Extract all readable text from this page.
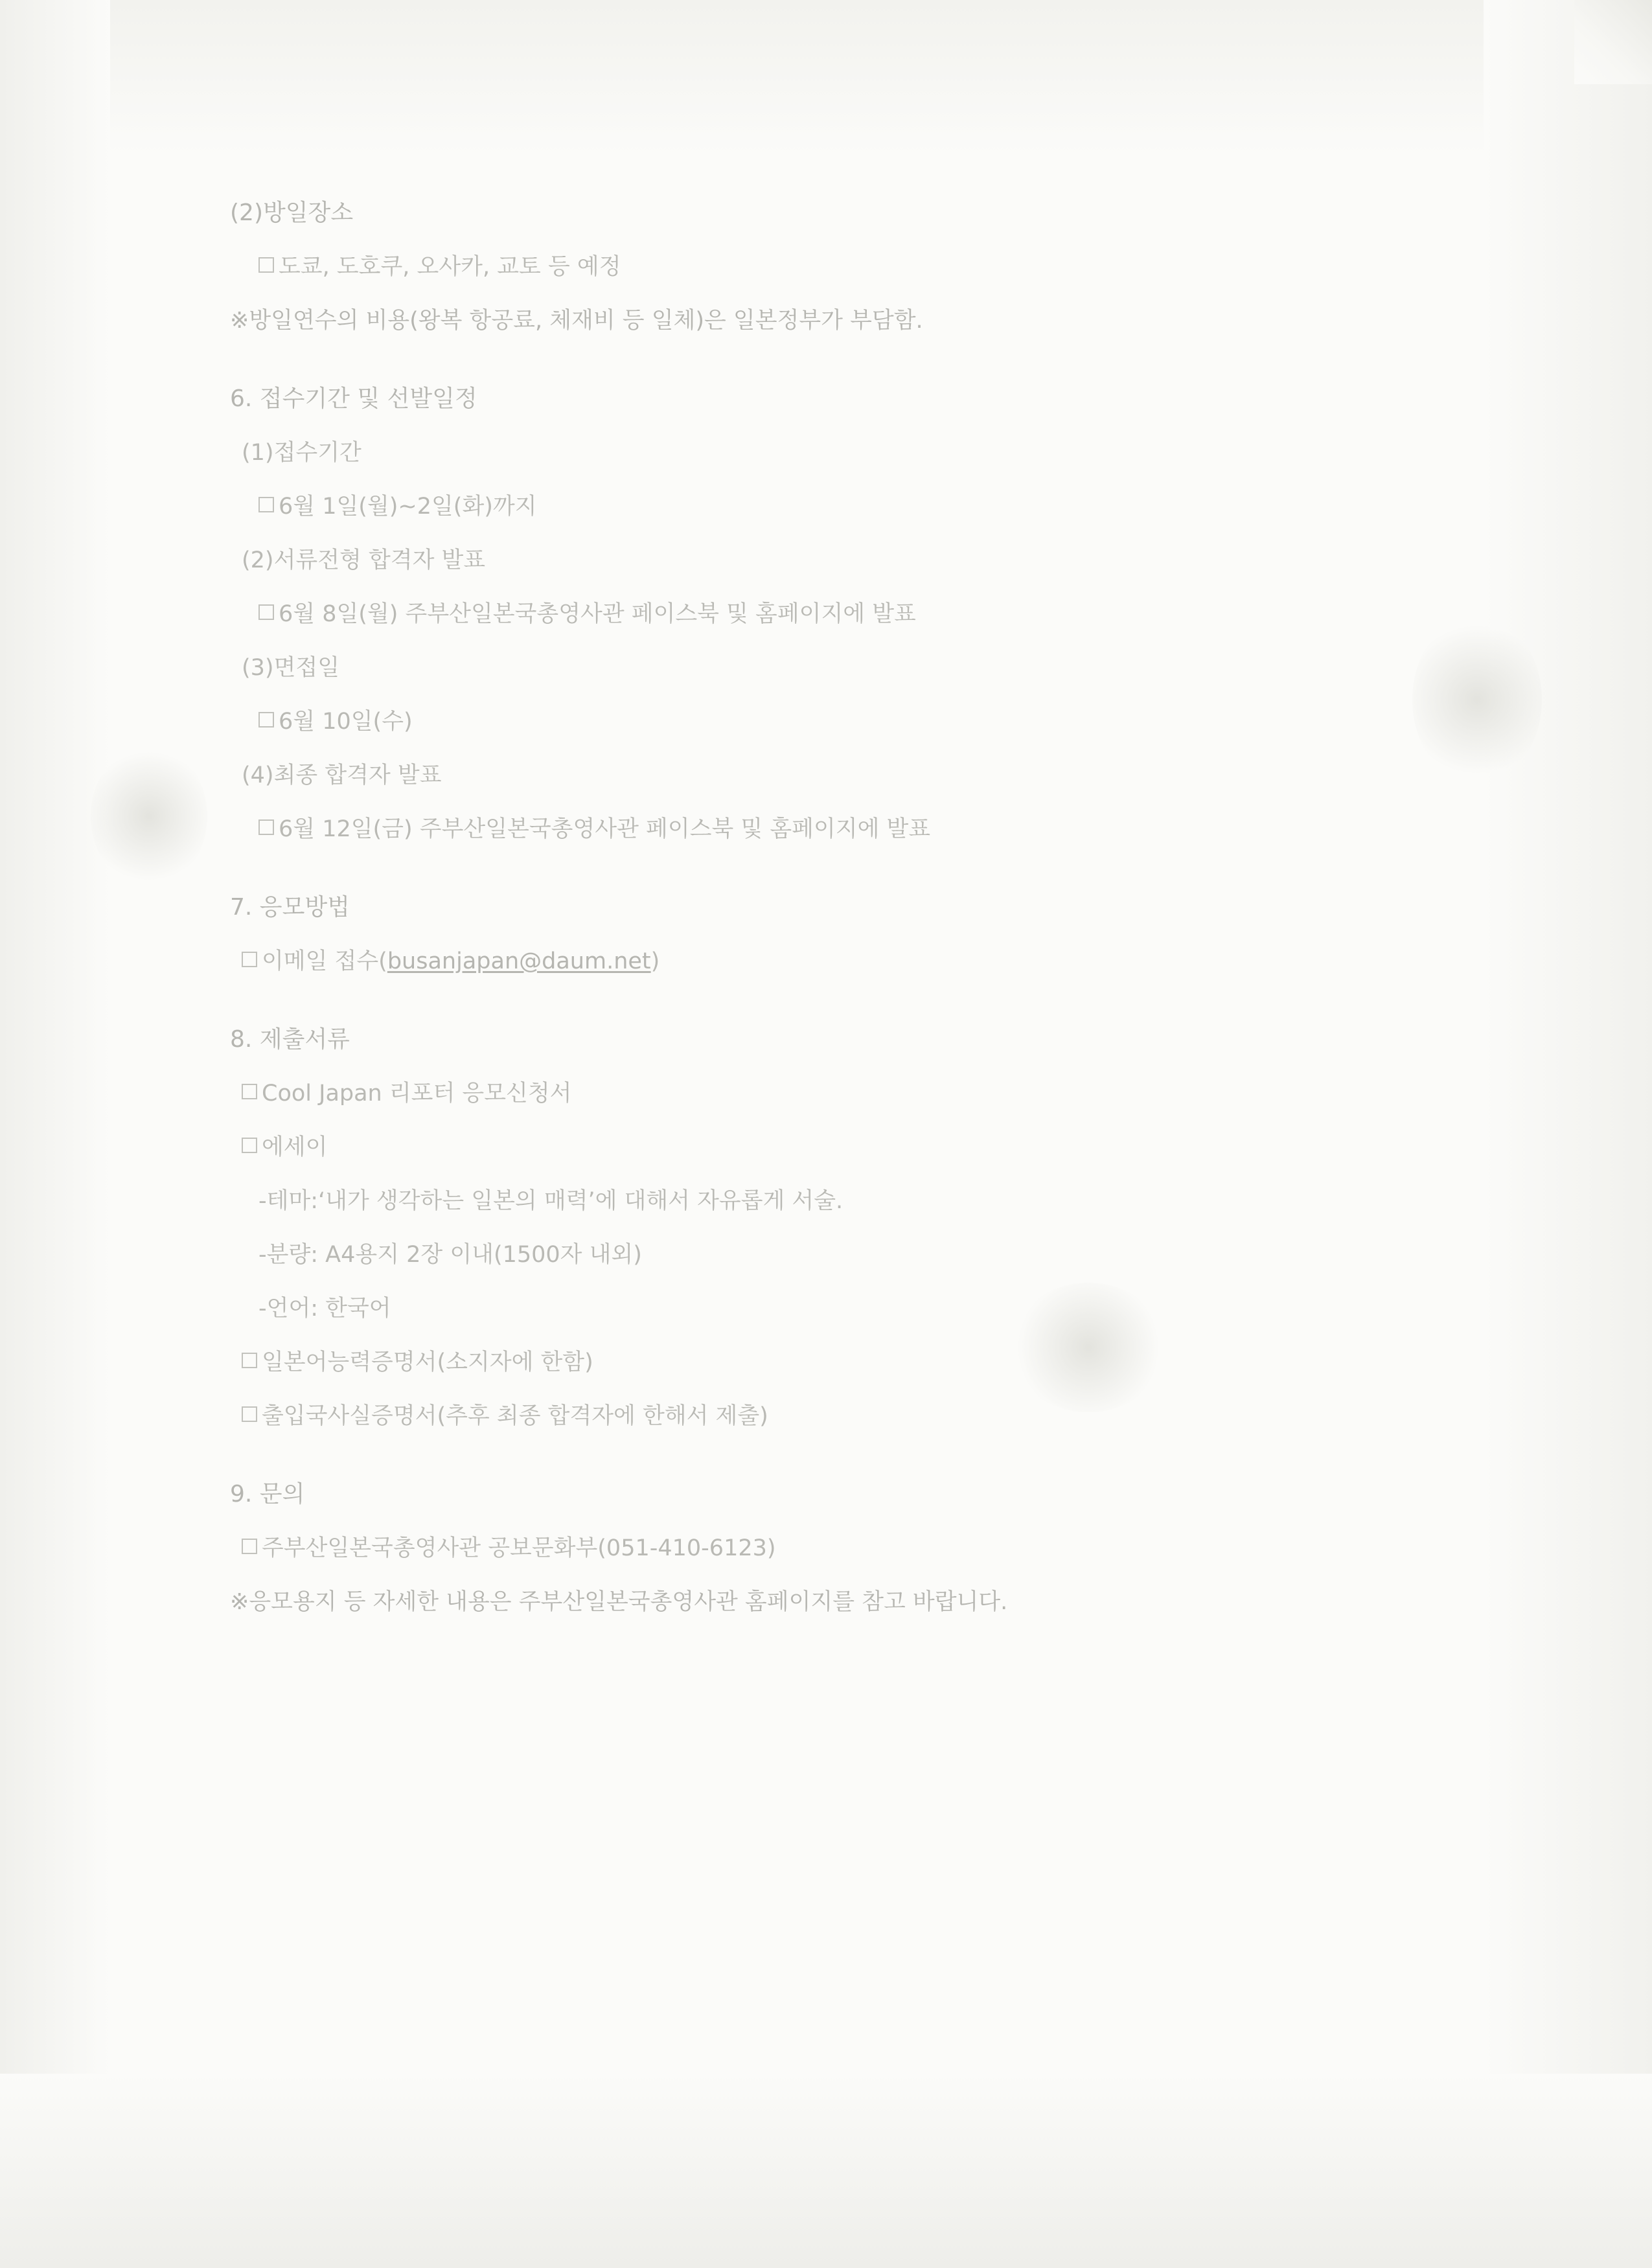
(2)방일장소
도쿄, 도호쿠, 오사카, 교토 등 예정
※방일연수의 비용(왕복 항공료, 체재비 등 일체)은 일본정부가 부담함.
6. 접수기간 및 선발일정
(1)접수기간
6월 1일(월)~2일(화)까지
(2)서류전형 합격자 발표
6월 8일(월) 주부산일본국총영사관 페이스북 및 홈페이지에 발표
(3)면접일
6월 10일(수)
(4)최종 합격자 발표
6월 12일(금) 주부산일본국총영사관 페이스북 및 홈페이지에 발표
7. 응모방법
이메일 접수( busanjapan@daum.net )
8. 제출서류
Cool Japan 리포터 응모신청서
에세이
-테마:‘내가 생각하는 일본의 매력’에 대해서 자유롭게 서술.
-분량: A4용지 2장 이내(1500자 내외)
-언어: 한국어
일본어능력증명서(소지자에 한함)
출입국사실증명서(추후 최종 합격자에 한해서 제출)
9. 문의
주부산일본국총영사관 공보문화부(051-410-6123)
※응모용지 등 자세한 내용은 주부산일본국총영사관 홈페이지를 참고 바랍니다.
